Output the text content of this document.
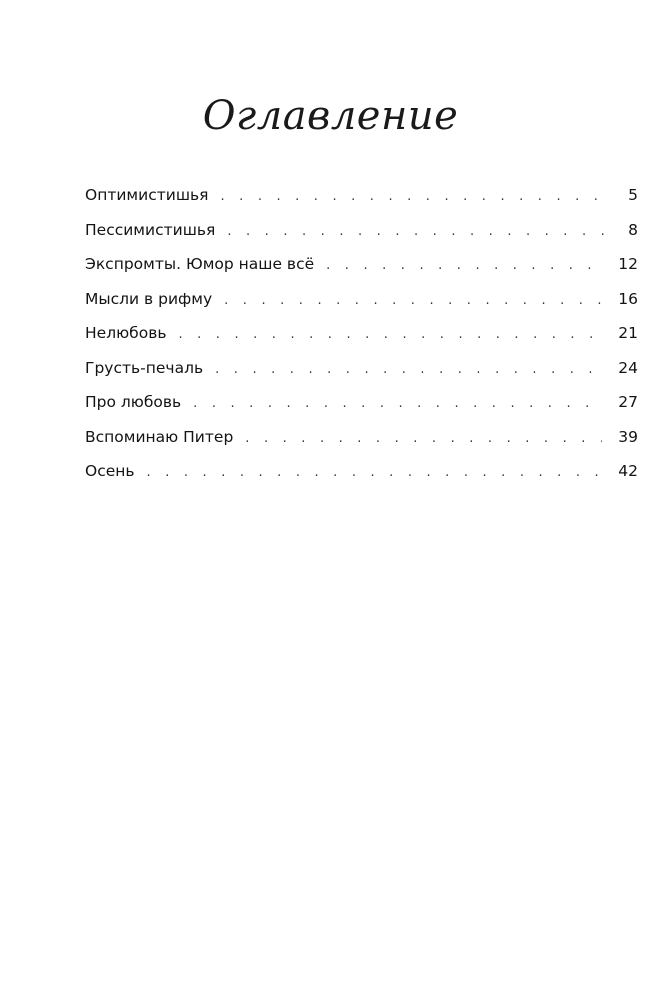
Оглавление
Оптимистишья . . .	5
Пессимистишья . . .	8
Экспромты. Юмор наше всё . . .	12
Мысли в рифму . . .	16
Нелюбовь . . .	21
Грусть-печаль . . .	24
Про любовь . . .	27
Вспоминаю Питер . . .	39
Осень . . .	42
